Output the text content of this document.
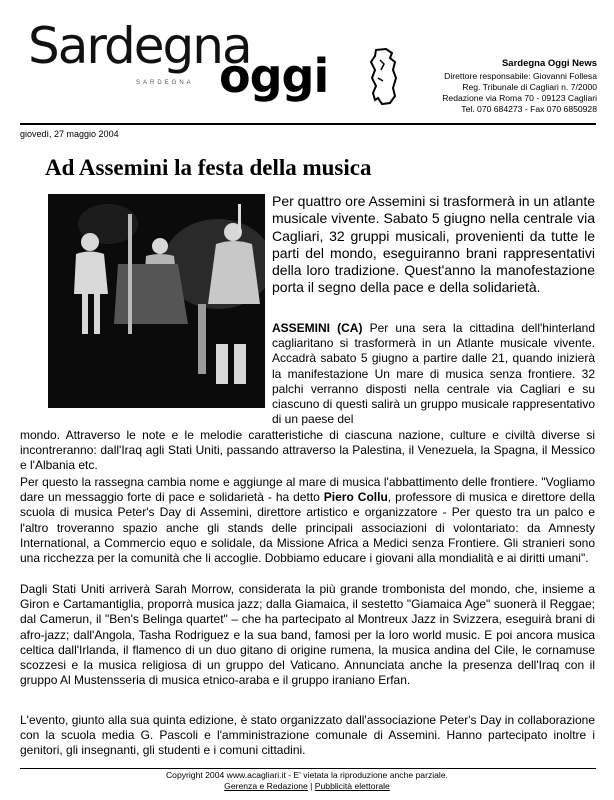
Sardegna
oggi
SARDEGNA
Sardegna Oggi News
Direttore responsabile: Giovanni Follesa
Reg. Tribunale di Cagliari n. 7/2000
Redazione via Roma 70 - 09123 Cagliari
Tel. 070 684273 - Fax 070 6850928
giovedì, 27 maggio 2004
Ad Assemini la festa della musica
Per quattro ore Assemini si trasformerà in un atlante musicale vivente. Sabato 5 giugno nella centrale via Cagliari, 32 gruppi musicali, provenienti da tutte le parti del mondo, eseguiranno brani rappresentativi della loro tradizione. Quest'anno la manofestazione porta il segno della pace e della solidarietà.
ASSEMINI (CA) Per una sera la cittadina dell'hinterland cagliaritano si trasformerà in un Atlante musicale vivente. Accadrà sabato 5 giugno a partire dalle 21, quando inizierà la manifestazione Un mare di musica senza frontiere. 32 palchi verranno disposti nella centrale via Cagliari e su ciascuno di questi salirà un gruppo musicale rappresentativo di un paese del

mondo. Attraverso le note e le melodie caratteristiche di ciascuna nazione, culture e civiltà diverse si incontreranno: dall'Iraq agli Stati Uniti, passando attraverso la Palestina, il Venezuela, la Spagna, il Messico e l'Albania etc.

Per questo la rassegna cambia nome e aggiunge al mare di musica l'abbattimento delle frontiere. "Vogliamo dare un messaggio forte di pace e solidarietà - ha detto Piero Collu, professore di musica e direttore della scuola di musica Peter's Day di Assemini, direttore artistico e organizzatore - Per questo tra un palco e l'altro troveranno spazio anche gli stands delle principali associazioni di volontariato: da Amnesty International, a Commercio equo e solidale, da Missione Africa a Medici senza Frontiere. Gli stranieri sono una ricchezza per la comunità che li accoglie. Dobbiamo educare i giovani alla mondialità e ai diritti umani".

Dagli Stati Uniti arriverà Sarah Morrow, considerata la più grande trombonista del mondo, che, insieme a Giron e Cartamantiglia, proporrà musica jazz; dalla Giamaica, il sestetto "Giamaica Age" suonerà il Reggae; dal Camerun, il "Ben's Belinga quartet" – che ha partecipato al Montreux Jazz in Svizzera, eseguirà brani di afro-jazz; dall'Angola, Tasha Rodriguez e la sua band, famosi per la loro world music. E poi ancora musica celtica dall'Irlanda, il flamenco di un duo gitano di origine rumena, la musica andina del Cile, le cornamuse scozzesi e la musica religiosa di un gruppo del Vaticano. Annunciata anche la presenza dell'Iraq con il gruppo Al Mustensseria di musica etnico-araba e il gruppo iraniano Erfan.

L'evento, giunto alla sua quinta edizione, è stato organizzato dall'associazione Peter's Day in collaborazione con la scuola media G. Pascoli e l'amministrazione comunale di Assemini. Hanno partecipato inoltre i genitori, gli insegnanti, gli studenti e i comuni cittadini.

Copyright 2004 www.acagliari.it - E' vietata la riproduzione anche parziale.
Gerenza e Redazione | Pubblicità elettorale
